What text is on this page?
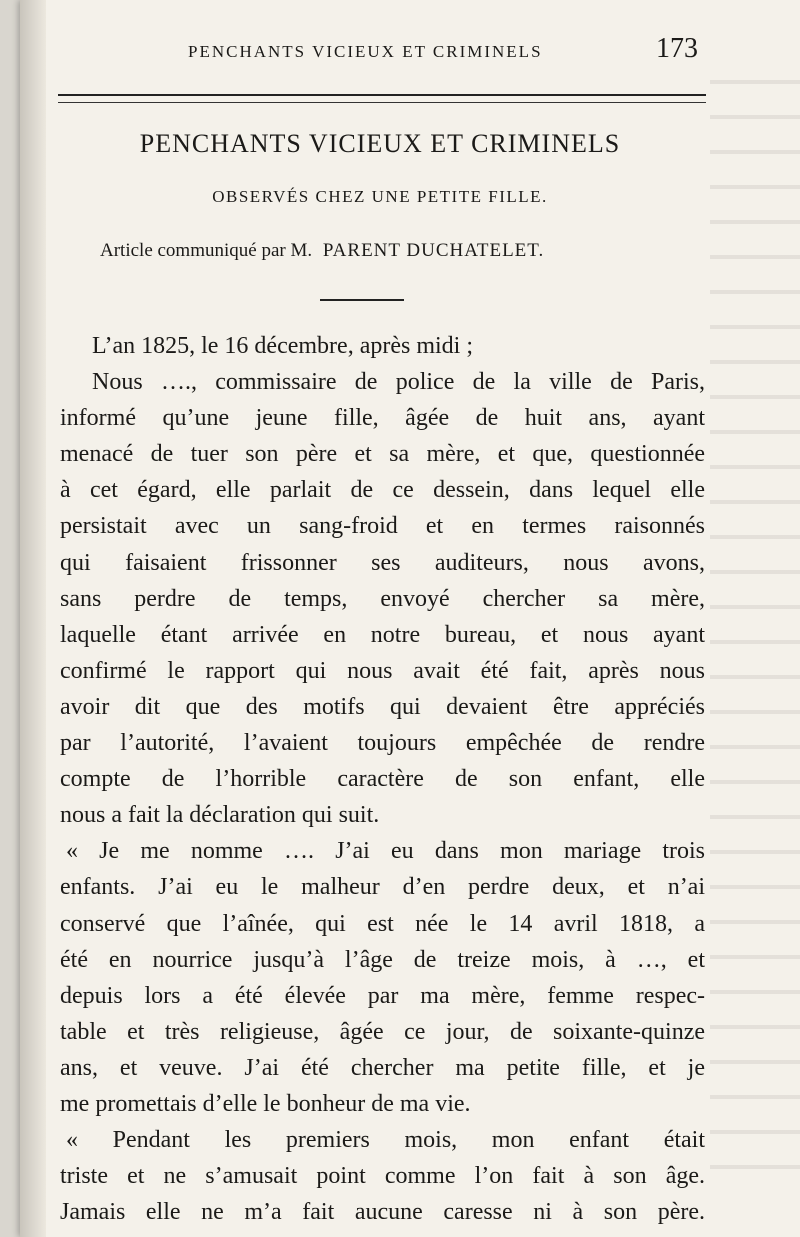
PENCHANTS VICIEUX ET CRIMINELS	173
PENCHANTS VICIEUX ET CRIMINELS
OBSERVÉS CHEZ UNE PETITE FILLE.
Article communiqué par M. PARENT DUCHATELET.
L’an 1825, le 16 décembre, après midi ;
Nous …., commissaire de police de la ville de Paris,
informé qu’une jeune fille, âgée de huit ans, ayant
menacé de tuer son père et sa mère, et que, questionnée
à cet égard, elle parlait de ce dessein, dans lequel elle
persistait avec un sang-froid et en termes raisonnés
qui faisaient frissonner ses auditeurs, nous avons,
sans perdre de temps, envoyé chercher sa mère,
laquelle étant arrivée en notre bureau, et nous ayant
confirmé le rapport qui nous avait été fait, après nous
avoir dit que des motifs qui devaient être appréciés
par l’autorité, l’avaient toujours empêchée de rendre
compte de l’horrible caractère de son enfant, elle
nous a fait la déclaration qui suit.
« Je me nomme …. J’ai eu dans mon mariage trois
enfants. J’ai eu le malheur d’en perdre deux, et n’ai
conservé que l’aînée, qui est née le 14 avril 1818, a
été en nourrice jusqu’à l’âge de treize mois, à …, et
depuis lors a été élevée par ma mère, femme respec-
table et très religieuse, âgée ce jour, de soixante-quinze
ans, et veuve. J’ai été chercher ma petite fille, et je
me promettais d’elle le bonheur de ma vie.
« Pendant les premiers mois, mon enfant était
triste et ne s’amusait point comme l’on fait à son âge.
Jamais elle ne m’a fait aucune caresse ni à son père.
